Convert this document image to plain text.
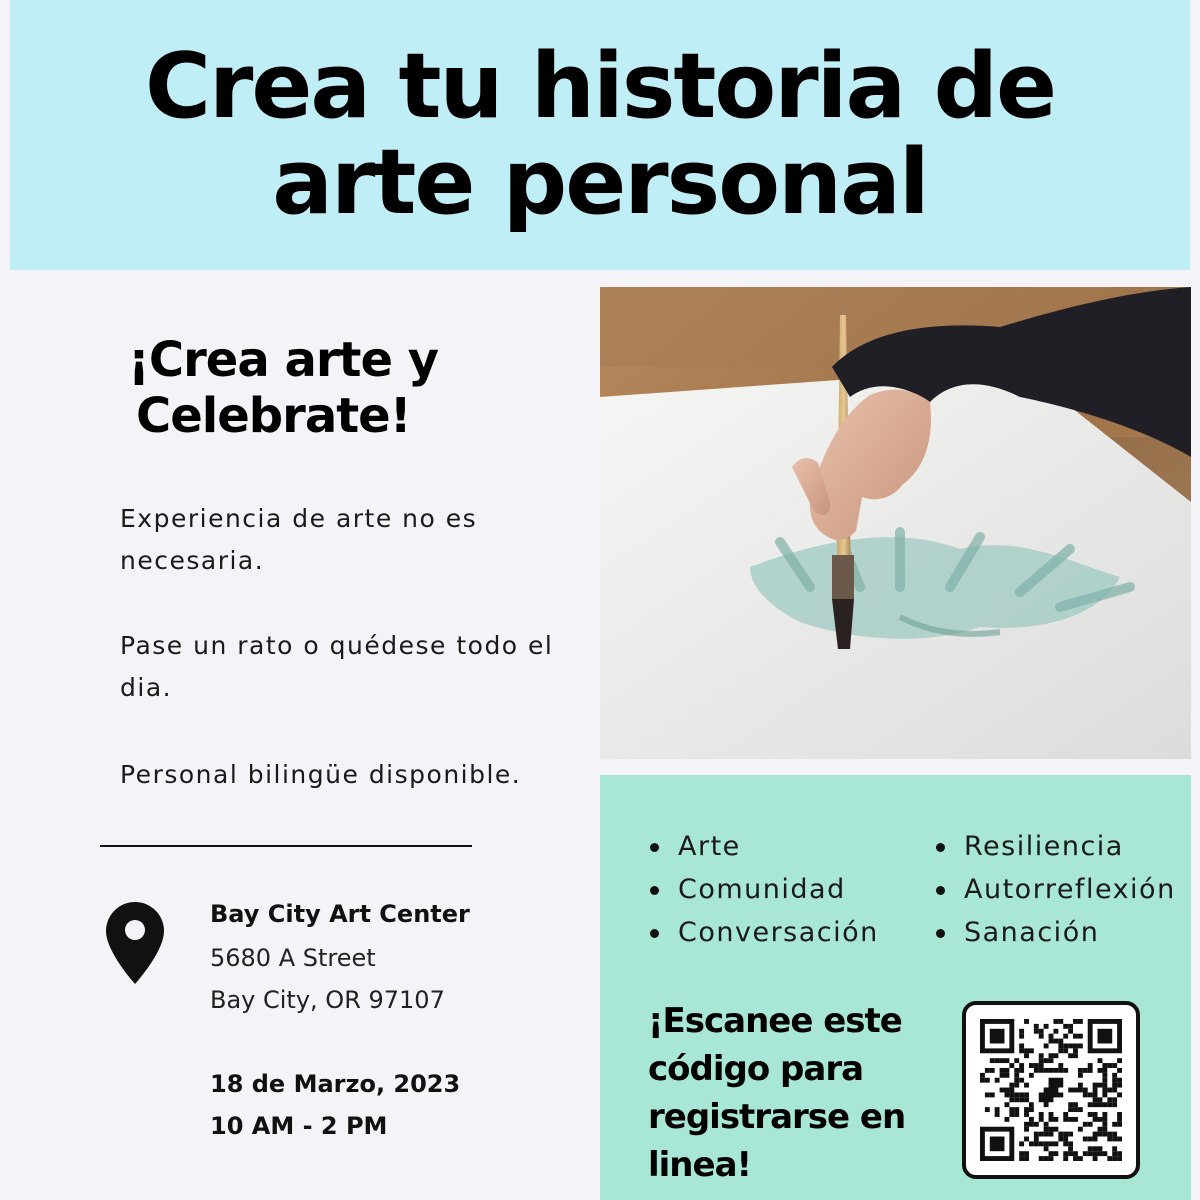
Crea tu historia de
arte personal
¡Crea arte y
Celebrate!

Experiencia de arte no es necesaria.

Pase un rato o quédese todo el dia.

Personal bilingüe disponible.

Bay City Art Center
5680 A Street
Bay City, OR 97107
18 de Marzo, 2023
10 AM - 2 PM
Arte
Comunidad
Conversación
Resiliencia
Autorreflexión
Sanación
¡Escanee este
código para
registrarse en
linea!
